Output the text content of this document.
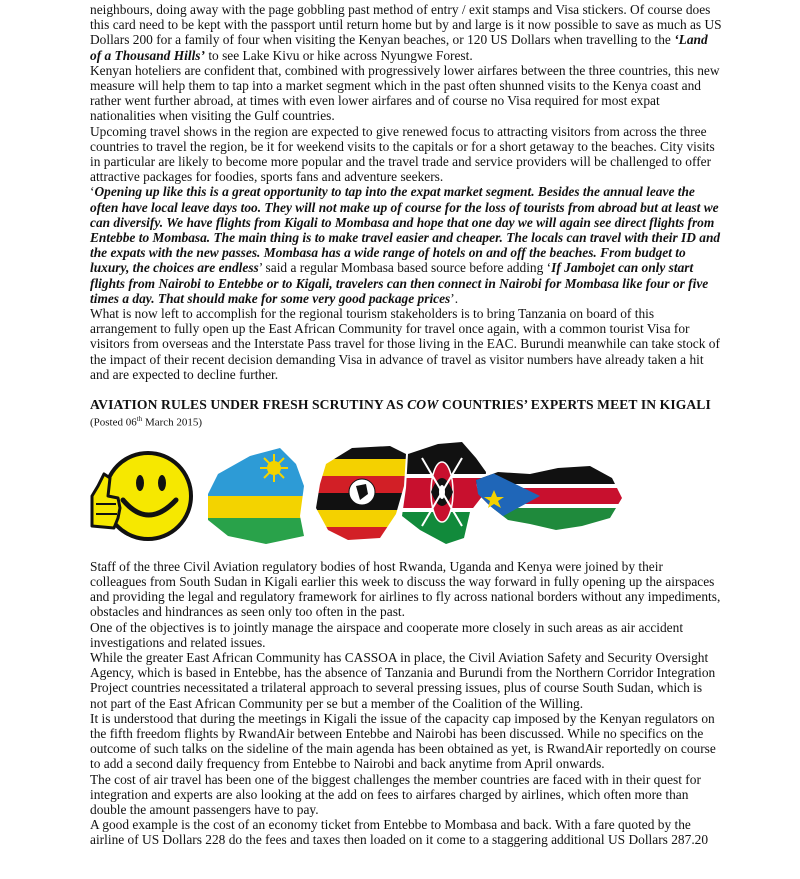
neighbours, doing away with the page gobbling past method of entry / exit stamps and Visa stickers. Of course does this card need to be kept with the passport until return home but by and large is it now possible to save as much as US Dollars 200 for a family of four when visiting the Kenyan beaches, or 120 US Dollars when travelling to the ‘Land of a Thousand Hills’ to see Lake Kivu or hike across Nyungwe Forest.

Kenyan hoteliers are confident that, combined with progressively lower airfares between the three countries, this new measure will help them to tap into a market segment which in the past often shunned visits to the Kenya coast and rather went further abroad, at times with even lower airfares and of course no Visa required for most expat nationalities when visiting the Gulf countries.

Upcoming travel shows in the region are expected to give renewed focus to attracting visitors from across the three countries to travel the region, be it for weekend visits to the capitals or for a short getaway to the beaches. City visits in particular are likely to become more popular and the travel trade and service providers will be challenged to offer attractive packages for foodies, sports fans and adventure seekers.

‘Opening up like this is a great opportunity to tap into the expat market segment. Besides the annual leave the often have local leave days too. They will not make up of course for the loss of tourists from abroad but at least we can diversify. We have flights from Kigali to Mombasa and hope that one day we will again see direct flights from Entebbe to Mombasa. The main thing is to make travel easier and cheaper. The locals can travel with their ID and the expats with the new passes. Mombasa has a wide range of hotels on and off the beaches. From budget to luxury, the choices are endless’ said a regular Mombasa based source before adding ‘If Jambojet can only start flights from Nairobi to Entebbe or to Kigali, travelers can then connect in Nairobi for Mombasa like four or five times a day. That should make for some very good package prices’.

What is now left to accomplish for the regional tourism stakeholders is to bring Tanzania on board of this arrangement to fully open up the East African Community for travel once again, with a common tourist Visa for visitors from overseas and the Interstate Pass travel for those living in the EAC. Burundi meanwhile can take stock of the impact of their recent decision demanding Visa in advance of travel as visitor numbers have already taken a hit and are expected to decline further.

AVIATION RULES UNDER FRESH SCRUTINY AS COW COUNTRIES’ EXPERTS MEET IN KIGALI
(Posted 06th March 2015)

Staff of the three Civil Aviation regulatory bodies of host Rwanda, Uganda and Kenya were joined by their colleagues from South Sudan in Kigali earlier this week to discuss the way forward in fully opening up the airspaces and providing the legal and regulatory framework for airlines to fly across national borders without any impediments, obstacles and hindrances as seen only too often in the past.

One of the objectives is to jointly manage the airspace and cooperate more closely in such areas as air accident investigations and related issues.

While the greater East African Community has CASSOA in place, the Civil Aviation Safety and Security Oversight Agency, which is based in Entebbe, has the absence of Tanzania and Burundi from the Northern Corridor Integration Project countries necessitated a trilateral approach to several pressing issues, plus of course South Sudan, which is not part of the East African Community per se but a member of the Coalition of the Willing.

It is understood that during the meetings in Kigali the issue of the capacity cap imposed by the Kenyan regulators on the fifth freedom flights by RwandAir between Entebbe and Nairobi has been discussed. While no specifics on the outcome of such talks on the sideline of the main agenda has been obtained as yet, is RwandAir reportedly on course to add a second daily frequency from Entebbe to Nairobi and back anytime from April onwards.

The cost of air travel has been one of the biggest challenges the member countries are faced with in their quest for integration and experts are also looking at the add on fees to airfares charged by airlines, which often more than double the amount passengers have to pay.

A good example is the cost of an economy ticket from Entebbe to Mombasa and back. With a fare quoted by the airline of US Dollars 228 do the fees and taxes then loaded on it come to a staggering additional US Dollars 287.20
